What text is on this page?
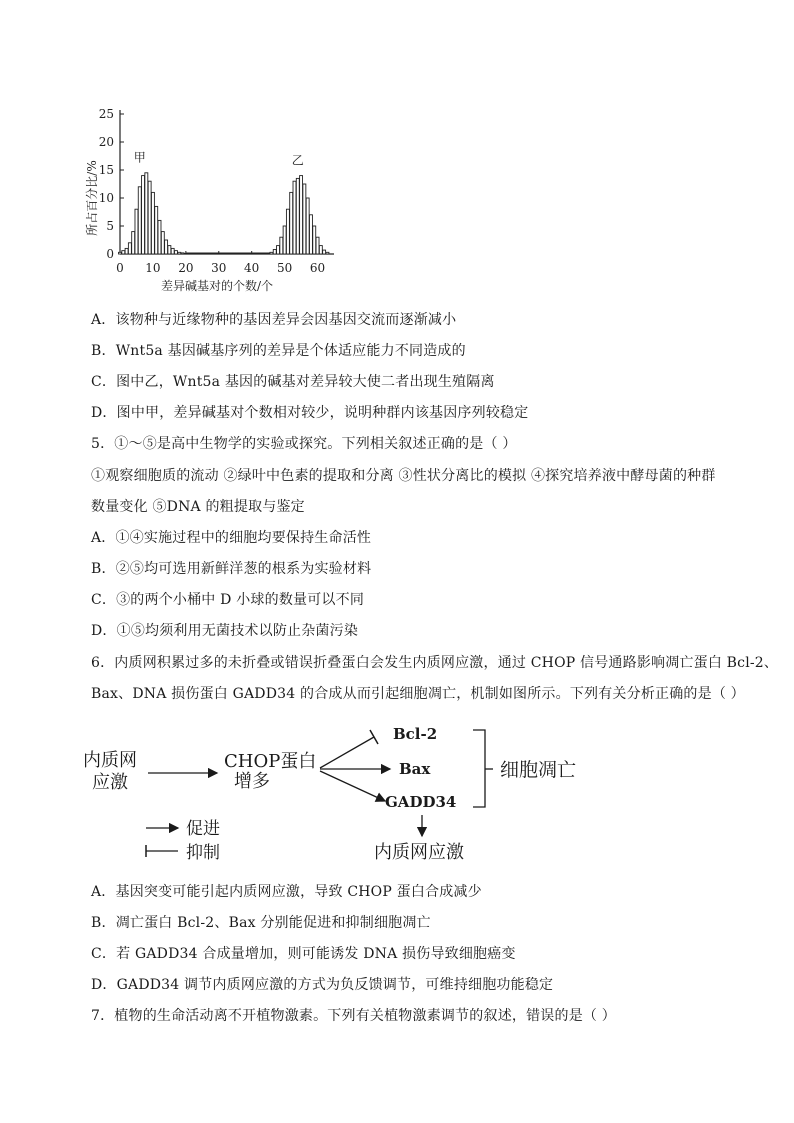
0
5
10
15
20
25
0 10 20 30 40 50 60
甲	乙
差异碱基对的个数/个
所占百分比/%
A．该物种与近缘物种的基因差异会因基因交流而逐渐减小
B．Wnt5a 基因碱基序列的差异是个体适应能力不同造成的
C．图中乙，Wnt5a 基因的碱基对差异较大使二者出现生殖隔离
D．图中甲，差异碱基对个数相对较少，说明种群内该基因序列较稳定
5．①～⑤是高中生物学的实验或探究。下列相关叙述正确的是（ ）
①观察细胞质的流动 ②绿叶中色素的提取和分离 ③性状分离比的模拟 ④探究培养液中酵母菌的种群
数量变化 ⑤DNA 的粗提取与鉴定
A．①④实施过程中的细胞均要保持生命活性
B．②⑤均可选用新鲜洋葱的根系为实验材料
C．③的两个小桶中 D 小球的数量可以不同
D．①⑤均须利用无菌技术以防止杂菌污染
6．内质网积累过多的未折叠或错误折叠蛋白会发生内质网应激，通过 CHOP 信号通路影响凋亡蛋白 Bcl-2、
Bax、DNA 损伤蛋白 GADD34 的合成从而引起细胞凋亡，机制如图所示。下列有关分析正确的是（ ）
内质网
应激
CHOP蛋白
增多
Bcl-2
Bax
GADD34
细胞凋亡
内质网应激
促进
抑制
A．基因突变可能引起内质网应激，导致 CHOP 蛋白合成减少
B．凋亡蛋白 Bcl-2、Bax 分别能促进和抑制细胞凋亡
C．若 GADD34 合成量增加，则可能诱发 DNA 损伤导致细胞癌变
D．GADD34 调节内质网应激的方式为负反馈调节，可维持细胞功能稳定
7．植物的生命活动离不开植物激素。下列有关植物激素调节的叙述，错误的是（ ）
